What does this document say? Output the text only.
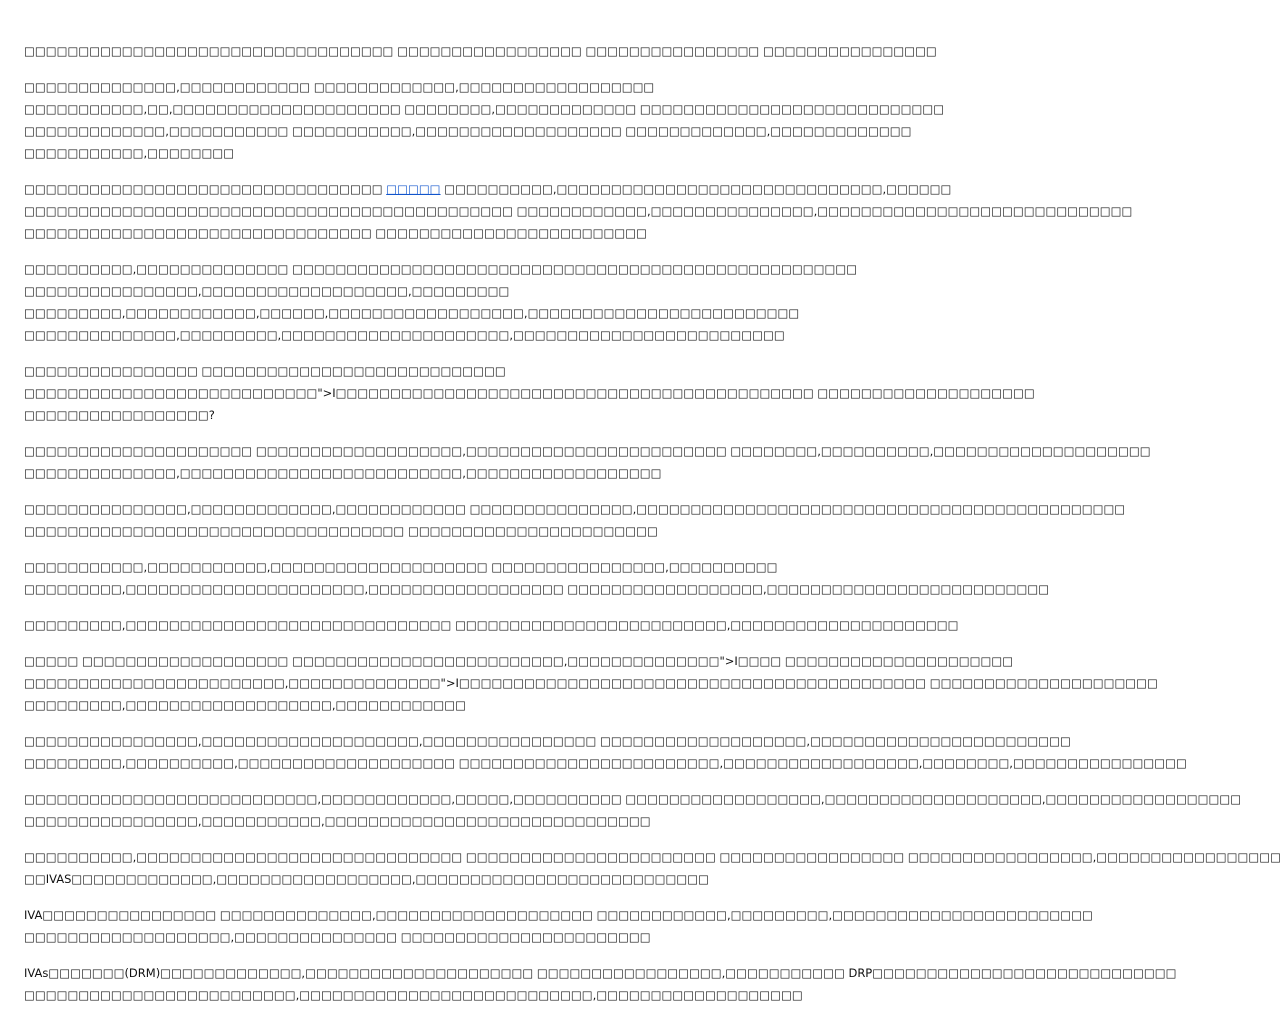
□□□□□□□□□□□□□□□□□□□□□□□□□□□□□□□□□□ □□□□□□□□□□□□□□□□□ □□□□□□□□□□□□□□□□ □□□□□□□□□□□□□□□□

□□□□□□□□□□□□□□,□□□□□□□□□□□□ □□□□□□□□□□□□□,□□□□□□□□□□□□□□□□□□
□□□□□□□□□□□,□□,□□□□□□□□□□□□□□□□□□□□□ □□□□□□□□,□□□□□□□□□□□□□ □□□□□□□□□□□□□□□□□□□□□□□□□□□□
□□□□□□□□□□□□□,□□□□□□□□□□□ □□□□□□□□□□□,□□□□□□□□□□□□□□□□□□□ □□□□□□□□□□□□□,□□□□□□□□□□□□□
□□□□□□□□□□□,□□□□□□□□

□□□□□□□□□□□□□□□□□□□□□□□□□□□□□□□□□ □□□□□ □□□□□□□□□□,□□□□□□□□□□□□□□□□□□□□□□□□□□□□□□,□□□□□□
□□□□□□□□□□□□□□□□□□□□□□□□□□□□□□□□□□□□□□□□□□□□□ □□□□□□□□□□□□,□□□□□□□□□□□□□□□,□□□□□□□□□□□□□□□□□□□□□□□□□□□□□
□□□□□□□□□□□□□□□□□□□□□□□□□□□□□□□□ □□□□□□□□□□□□□□□□□□□□□□□□□

□□□□□□□□□□,□□□□□□□□□□□□□□ □□□□□□□□□□□□□□□□□□□□□□□□□□□□□□□□□□□□□□□□□□□□□□□□□□□□
□□□□□□□□□□□□□□□□,□□□□□□□□□□□□□□□□□□□,□□□□□□□□□
□□□□□□□□□,□□□□□□□□□□□□,□□□□□□,□□□□□□□□□□□□□□□□□□,□□□□□□□□□□□□□□□□□□□□□□□□□
□□□□□□□□□□□□□□,□□□□□□□□□,□□□□□□□□□□□□□□□□□□□□□,□□□□□□□□□□□□□□□□□□□□□□□□□

□□□□□□□□□□□□□□□□ □□□□□□□□□□□□□□□□□□□□□□□□□□□□
□□□□□□□□□□□□□□□□□□□□□□□□□□□">I□□□□□□□□□□□□□□□□□□□□□□□□□□□□□□□□□□□□□□□□□□□□ □□□□□□□□□□□□□□□□□□□□
□□□□□□□□□□□□□□□□□?

□□□□□□□□□□□□□□□□□□□□□ □□□□□□□□□□□□□□□□□□□,□□□□□□□□□□□□□□□□□□□□□□□□ □□□□□□□□,□□□□□□□□□□,□□□□□□□□□□□□□□□□□□□□
□□□□□□□□□□□□□□,□□□□□□□□□□□□□□□□□□□□□□□□□□,□□□□□□□□□□□□□□□□□□

□□□□□□□□□□□□□□□,□□□□□□□□□□□□□,□□□□□□□□□□□□ □□□□□□□□□□□□□□□,□□□□□□□□□□□□□□□□□□□□□□□□□□□□□□□□□□□□□□□□□□□□□
□□□□□□□□□□□□□□□□□□□□□□□□□□□□□□□□□□□ □□□□□□□□□□□□□□□□□□□□□□□

□□□□□□□□□□□,□□□□□□□□□□□,□□□□□□□□□□□□□□□□□□□□ □□□□□□□□□□□□□□□□,□□□□□□□□□□
□□□□□□□□□,□□□□□□□□□□□□□□□□□□□□□□,□□□□□□□□□□□□□□□□□□ □□□□□□□□□□□□□□□□□□,□□□□□□□□□□□□□□□□□□□□□□□□□□

□□□□□□□□□,□□□□□□□□□□□□□□□□□□□□□□□□□□□□□□ □□□□□□□□□□□□□□□□□□□□□□□□□,□□□□□□□□□□□□□□□□□□□□□

□□□□□ □□□□□□□□□□□□□□□□□□□ □□□□□□□□□□□□□□□□□□□□□□□□□,□□□□□□□□□□□□□□">I□□□□ □□□□□□□□□□□□□□□□□□□□□
□□□□□□□□□□□□□□□□□□□□□□□□,□□□□□□□□□□□□□□">I□□□□□□□□□□□□□□□□□□□□□□□□□□□□□□□□□□□□□□□□□□□ □□□□□□□□□□□□□□□□□□□□□
□□□□□□□□□,□□□□□□□□□□□□□□□□□□□,□□□□□□□□□□□□

□□□□□□□□□□□□□□□□,□□□□□□□□□□□□□□□□□□□□,□□□□□□□□□□□□□□□□ □□□□□□□□□□□□□□□□□□□,□□□□□□□□□□□□□□□□□□□□□□□□
□□□□□□□□□,□□□□□□□□□□,□□□□□□□□□□□□□□□□□□□□ □□□□□□□□□□□□□□□□□□□□□□□□,□□□□□□□□□□□□□□□□□□,□□□□□□□□,□□□□□□□□□□□□□□□□

□□□□□□□□□□□□□□□□□□□□□□□□□□□,□□□□□□□□□□□□,□□□□□,□□□□□□□□□□ □□□□□□□□□□□□□□□□□□,□□□□□□□□□□□□□□□□□□□□,□□□□□□□□□□□□□□□□□□
□□□□□□□□□□□□□□□□,□□□□□□□□□□□,□□□□□□□□□□□□□□□□□□□□□□□□□□□□□□

□□□□□□□□□□,□□□□□□□□□□□□□□□□□□□□□□□□□□□□□□ □□□□□□□□□□□□□□□□□□□□□□□ □□□□□□□□□□□□□□□□□ □□□□□□□□□□□□□□□□□,□□□□□□□□□□□□□□□□□
□□IVAS□□□□□□□□□□□□□,□□□□□□□□□□□□□□□□□□,□□□□□□□□□□□□□□□□□□□□□□□□□□□

IVA□□□□□□□□□□□□□□□□ □□□□□□□□□□□□□□,□□□□□□□□□□□□□□□□□□□□ □□□□□□□□□□□□,□□□□□□□□□,□□□□□□□□□□□□□□□□□□□□□□□□
□□□□□□□□□□□□□□□□□□□,□□□□□□□□□□□□□□□ □□□□□□□□□□□□□□□□□□□□□□□

IVAs□□□□□□□(DRM)□□□□□□□□□□□□□,□□□□□□□□□□□□□□□□□□□□□ □□□□□□□□□□□□□□□□□,□□□□□□□□□□□ DRP□□□□□□□□□□□□□□□□□□□□□□□□□□□□
□□□□□□□□□□□□□□□□□□□□□□□□□,□□□□□□□□□□□□□□□□□□□□□□□□□□□,□□□□□□□□□□□□□□□□□□□
